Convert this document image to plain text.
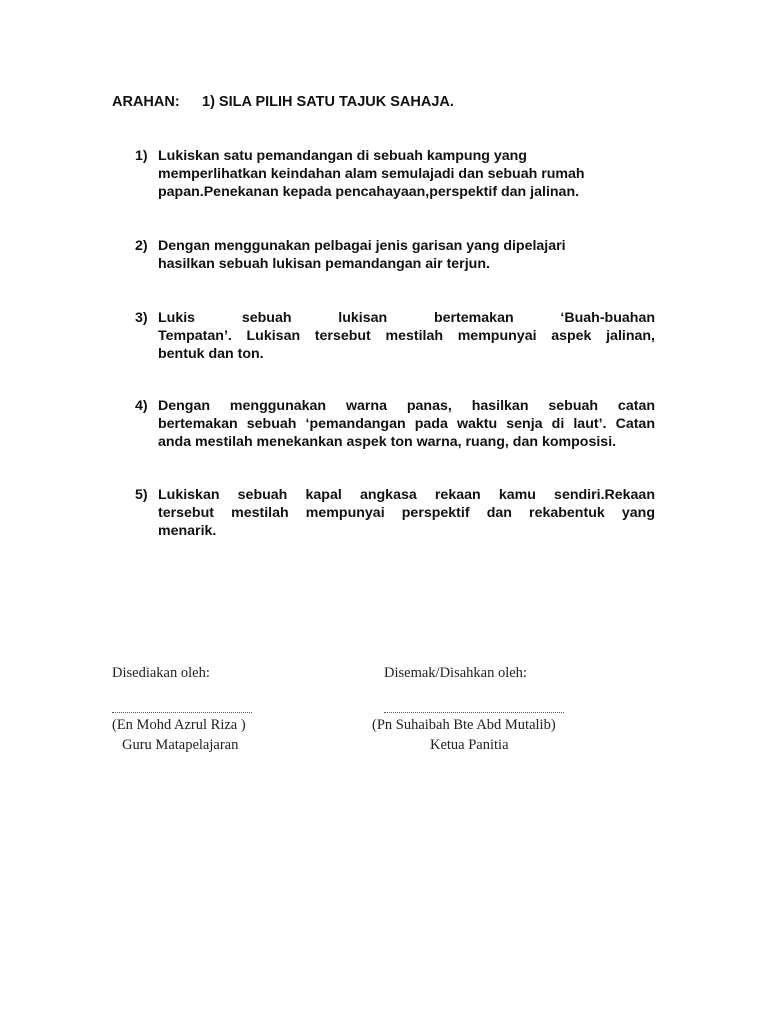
ARAHAN: 1) SILA PILIH SATU TAJUK SAHAJA.
1) Lukiskan satu pemandangan di sebuah kampung yang
memperlihatkan keindahan alam semulajadi dan sebuah rumah
papan.Penekanan kepada pencahayaan,perspektif dan jalinan.
2) Dengan menggunakan pelbagai jenis garisan yang dipelajari
hasilkan sebuah lukisan pemandangan air terjun.
3) Lukis sebuah lukisan bertemakan ‘Buah-buahan
Tempatan’. Lukisan tersebut mestilah mempunyai aspek jalinan,
bentuk dan ton.
4) Dengan menggunakan warna panas, hasilkan sebuah catan
bertemakan sebuah ‘pemandangan pada waktu senja di laut’. Catan
anda mestilah menekankan aspek ton warna, ruang, dan komposisi.
5) Lukiskan sebuah kapal angkasa rekaan kamu sendiri.Rekaan
tersebut mestilah mempunyai perspektif dan rekabentuk yang
menarik.
Disediakan oleh:
(En Mohd Azrul Riza )
Guru Matapelajaran
Disemak/Disahkan oleh:
(Pn Suhaibah Bte Abd Mutalib)
Ketua Panitia
